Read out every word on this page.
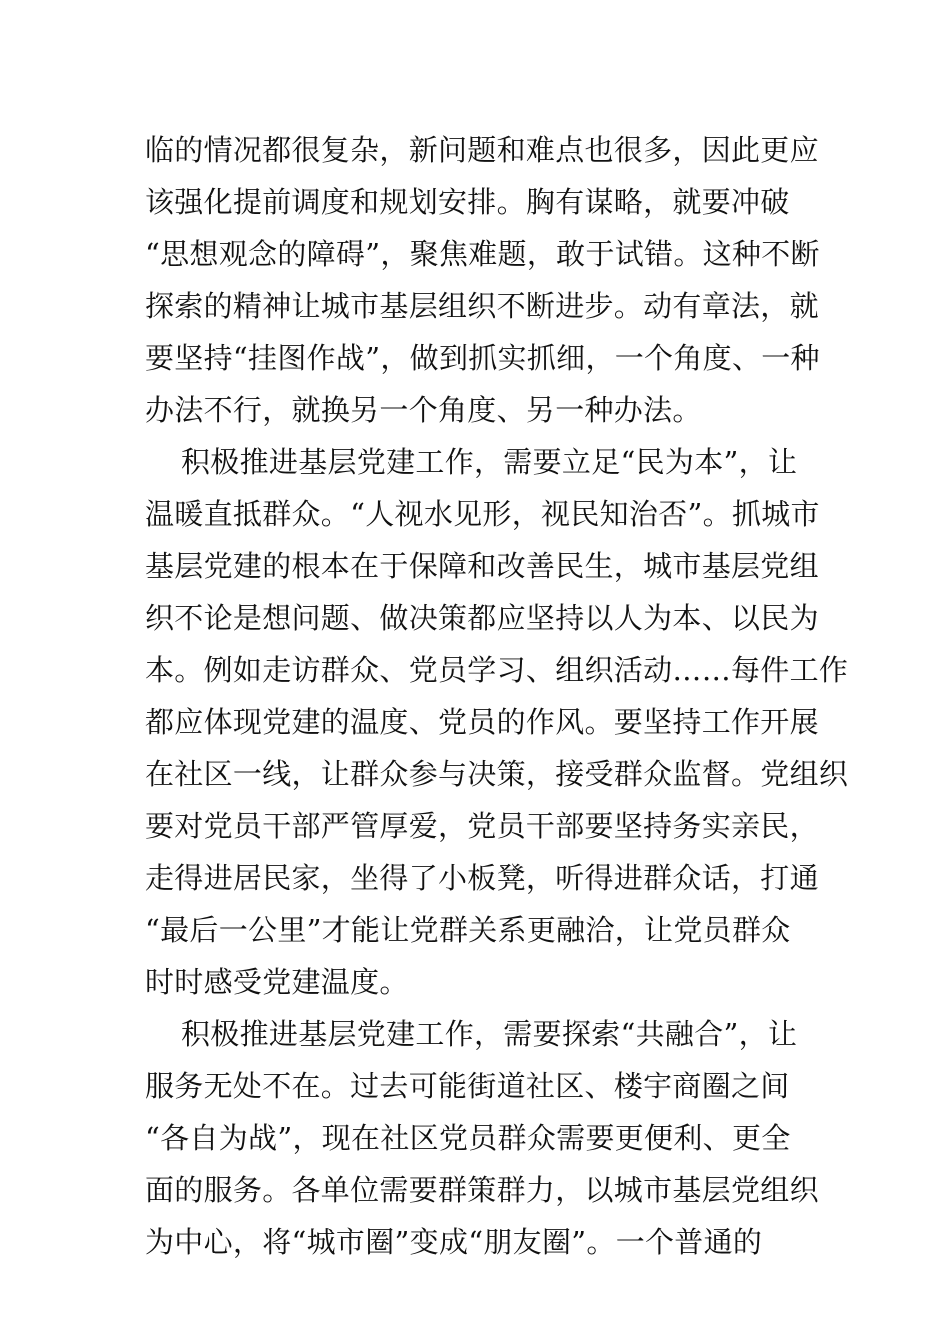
临的情况都很复杂，新问题和难点也很多，因此更应
该强化提前调度和规划安排。胸有谋略，就要冲破
“思想观念的障碍”，聚焦难题，敢于试错。这种不断
探索的精神让城市基层组织不断进步。动有章法，就
要坚持“挂图作战”，做到抓实抓细，一个角度、一种
办法不行，就换另一个角度、另一种办法。
积极推进基层党建工作，需要立足“民为本”，让
温暖直抵群众。“人视水见形，视民知治否”。抓城市
基层党建的根本在于保障和改善民生，城市基层党组
织不论是想问题、做决策都应坚持以人为本、以民为
本。例如走访群众、党员学习、组织活动……每件工作
都应体现党建的温度、党员的作风。要坚持工作开展
在社区一线，让群众参与决策，接受群众监督。党组织
要对党员干部严管厚爱，党员干部要坚持务实亲民，
走得进居民家，坐得了小板凳，听得进群众话，打通
“最后一公里”才能让党群关系更融洽，让党员群众
时时感受党建温度。
积极推进基层党建工作，需要探索“共融合”，让
服务无处不在。过去可能街道社区、楼宇商圈之间
“各自为战”，现在社区党员群众需要更便利、更全
面的服务。各单位需要群策群力，以城市基层党组织
为中心，将“城市圈”变成“朋友圈”。一个普通的
